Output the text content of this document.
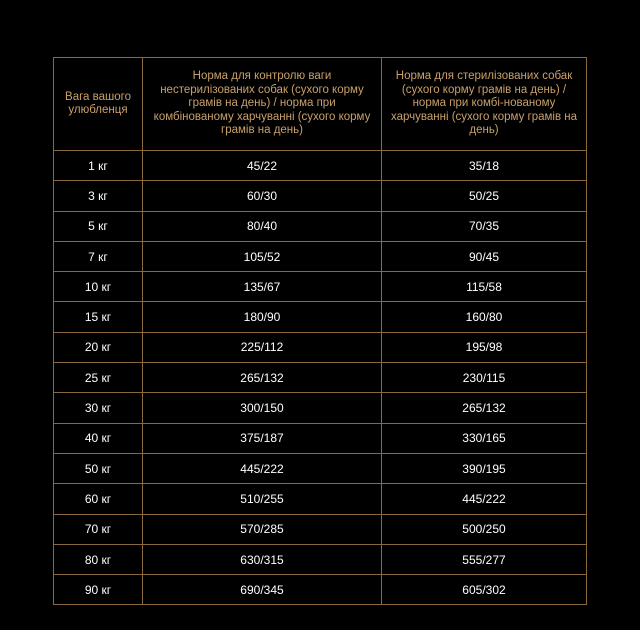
Вага вашого улюбленця	Норма для контролю ваги нестерилізованих собак (сухого корму грамів на день) / норма при комбінованому харчуванні (сухого корму грамів на день)	Норма для стерилізованих собак (сухого корму грамів на день) / норма при комбі-нованому харчуванні (сухого корму грамів на день)
1 кг	45/22	35/18
3 кг	60/30	50/25
5 кг	80/40	70/35
7 кг	105/52	90/45
10 кг	135/67	115/58
15 кг	180/90	160/80
20 кг	225/112	195/98
25 кг	265/132	230/115
30 кг	300/150	265/132
40 кг	375/187	330/165
50 кг	445/222	390/195
60 кг	510/255	445/222
70 кг	570/285	500/250
80 кг	630/315	555/277
90 кг	690/345	605/302
